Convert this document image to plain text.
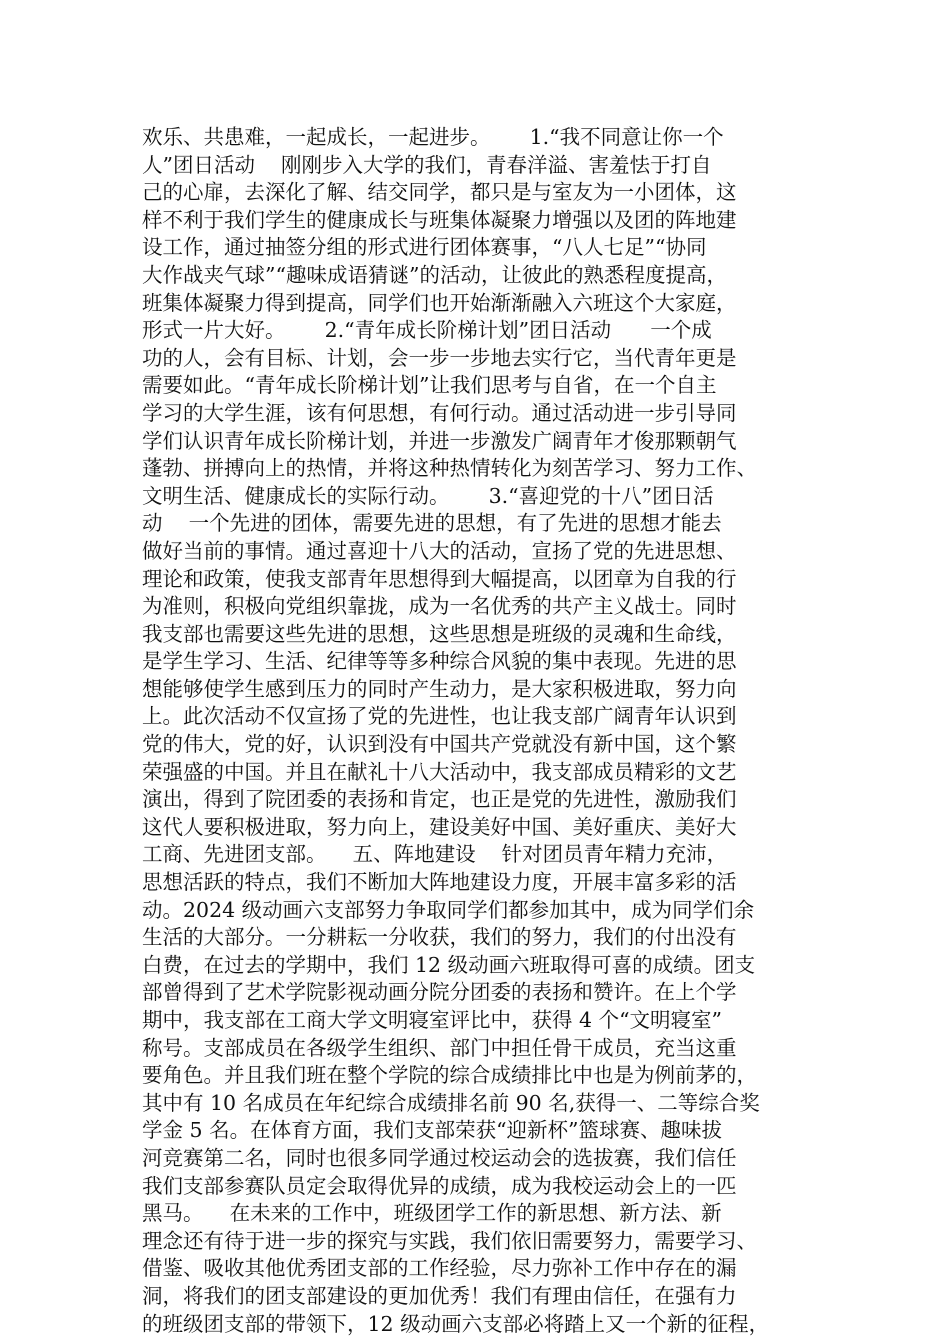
欢乐、共患难，一起成长，一起进步。      1.“我不同意让你一个
人”团日活动    刚刚步入大学的我们，青春洋溢、害羞怯于打自
己的心扉，去深化了解、结交同学，都只是与室友为一小团体，这
样不利于我们学生的健康成长与班集体凝聚力增强以及团的阵地建
设工作，通过抽签分组的形式进行团体赛事，“八人七足”“协同
大作战夹气球”“趣味成语猜谜”的活动，让彼此的熟悉程度提高，
班集体凝聚力得到提高，同学们也开始渐渐融入六班这个大家庭，
形式一片大好。      2.“青年成长阶梯计划”团日活动      一个成
功的人，会有目标、计划，会一步一步地去实行它，当代青年更是
需要如此。“青年成长阶梯计划”让我们思考与自省，在一个自主
学习的大学生涯，该有何思想，有何行动。通过活动进一步引导同
学们认识青年成长阶梯计划，并进一步激发广阔青年才俊那颗朝气
蓬勃、拼搏向上的热情，并将这种热情转化为刻苦学习、努力工作、
文明生活、健康成长的实际行动。      3.“喜迎党的十八”团日活
动    一个先进的团体，需要先进的思想，有了先进的思想才能去
做好当前的事情。通过喜迎十八大的活动，宣扬了党的先进思想、
理论和政策，使我支部青年思想得到大幅提高，以团章为自我的行
为准则，积极向党组织靠拢，成为一名优秀的共产主义战士。同时
我支部也需要这些先进的思想，这些思想是班级的灵魂和生命线，
是学生学习、生活、纪律等等多种综合风貌的集中表现。先进的思
想能够使学生感到压力的同时产生动力，是大家积极进取，努力向
上。此次活动不仅宣扬了党的先进性，也让我支部广阔青年认识到
党的伟大，党的好，认识到没有中国共产党就没有新中国，这个繁
荣强盛的中国。并且在献礼十八大活动中，我支部成员精彩的文艺
演出，得到了院团委的表扬和肯定，也正是党的先进性，激励我们
这代人要积极进取，努力向上，建设美好中国、美好重庆、美好大
工商、先进团支部。    五、阵地建设    针对团员青年精力充沛，
思想活跃的特点，我们不断加大阵地建设力度，开展丰富多彩的活
动。2024 级动画六支部努力争取同学们都参加其中，成为同学们余
生活的大部分。一分耕耘一分收获，我们的努力，我们的付出没有
白费，在过去的学期中，我们 12 级动画六班取得可喜的成绩。团支
部曾得到了艺术学院影视动画分院分团委的表扬和赞许。在上个学
期中，我支部在工商大学文明寝室评比中，获得 4 个“文明寝室”
称号。支部成员在各级学生组织、部门中担任骨干成员，充当这重
要角色。并且我们班在整个学院的综合成绩排比中也是为例前茅的，
其中有 10 名成员在年纪综合成绩排名前 90 名,获得一、二等综合奖
学金 5 名。在体育方面，我们支部荣获“迎新杯”篮球赛、趣味拔
河竞赛第二名，同时也很多同学通过校运动会的选拔赛，我们信任
我们支部参赛队员定会取得优异的成绩，成为我校运动会上的一匹
黑马。    在未来的工作中，班级团学工作的新思想、新方法、新
理念还有待于进一步的探究与实践，我们依旧需要努力，需要学习、
借鉴、吸收其他优秀团支部的工作经验，尽力弥补工作中存在的漏
洞，将我们的团支部建设的更加优秀！我们有理由信任，在强有力
的班级团支部的带领下，12 级动画六支部必将踏上又一个新的征程，
